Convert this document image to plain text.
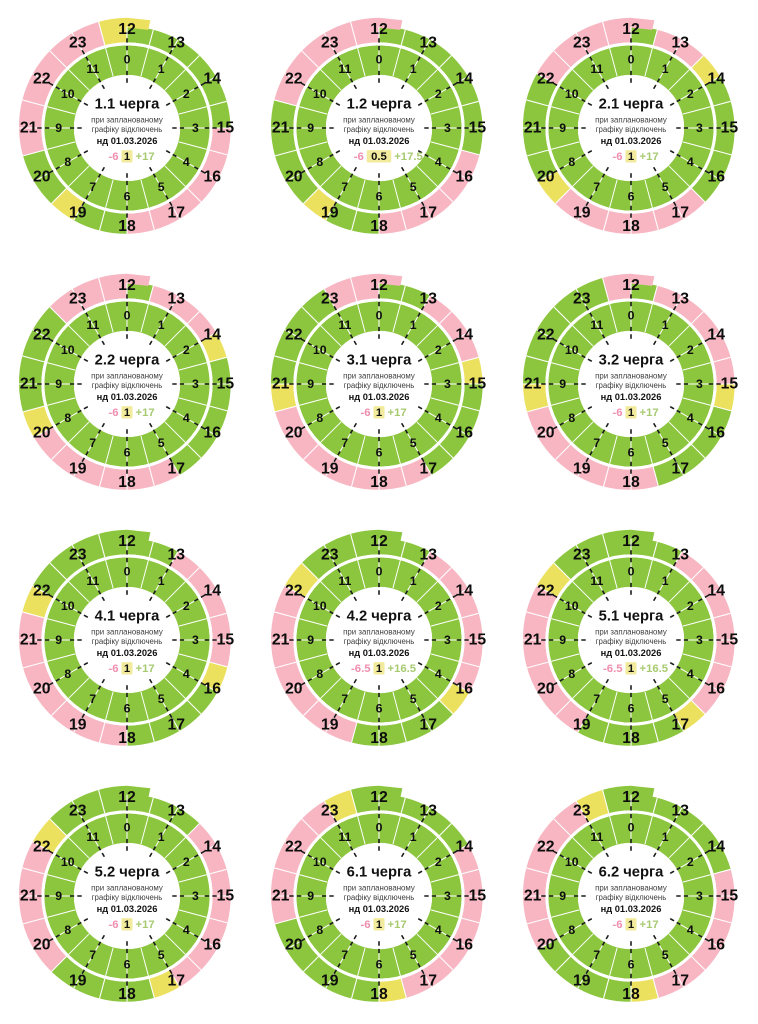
0
1
2
3
4
5
6
7
8
9
10
11
12
13
14
15
16
17
18
19
20
21
22
23
1.1 черга
при запланованому
графіку відключень
нд 01.03.2026
-6 1 +17
0
1
2
3
4
5
6
7
8
9
10
11
12
13
14
15
16
17
18
19
20
21
22
23
1.2 черга
при запланованому
графіку відключень
нд 01.03.2026
-6 0.5 +17.5
0
1
2
3
4
5
6
7
8
9
10
11
12
13
14
15
16
17
18
19
20
21
22
23
2.1 черга
при запланованому
графіку відключень
нд 01.03.2026
-6 1 +17
0
1
2
3
4
5
6
7
8
9
10
11
12
13
14
15
16
17
18
19
20
21
22
23
2.2 черга
при запланованому
графіку відключень
нд 01.03.2026
-6 1 +17
0
1
2
3
4
5
6
7
8
9
10
11
12
13
14
15
16
17
18
19
20
21
22
23
3.1 черга
при запланованому
графіку відключень
нд 01.03.2026
-6 1 +17
0
1
2
3
4
5
6
7
8
9
10
11
12
13
14
15
16
17
18
19
20
21
22
23
3.2 черга
при запланованому
графіку відключень
нд 01.03.2026
-6 1 +17
0
1
2
3
4
5
6
7
8
9
10
11
12
13
14
15
16
17
18
19
20
21
22
23
4.1 черга
при запланованому
графіку відключень
нд 01.03.2026
-6 1 +17
0
1
2
3
4
5
6
7
8
9
10
11
12
13
14
15
16
17
18
19
20
21
22
23
4.2 черга
при запланованому
графіку відключень
нд 01.03.2026
-6.5 1 +16.5
0
1
2
3
4
5
6
7
8
9
10
11
12
13
14
15
16
17
18
19
20
21
22
23
5.1 черга
при запланованому
графіку відключень
нд 01.03.2026
-6.5 1 +16.5
0
1
2
3
4
5
6
7
8
9
10
11
12
13
14
15
16
17
18
19
20
21
22
23
5.2 черга
при запланованому
графіку відключень
нд 01.03.2026
-6 1 +17
0
1
2
3
4
5
6
7
8
9
10
11
12
13
14
15
16
17
18
19
20
21
22
23
6.1 черга
при запланованому
графіку відключень
нд 01.03.2026
-6 1 +17
0
1
2
3
4
5
6
7
8
9
10
11
12
13
14
15
16
17
18
19
20
21
22
23
6.2 черга
при запланованому
графіку відключень
нд 01.03.2026
-6 1 +17
